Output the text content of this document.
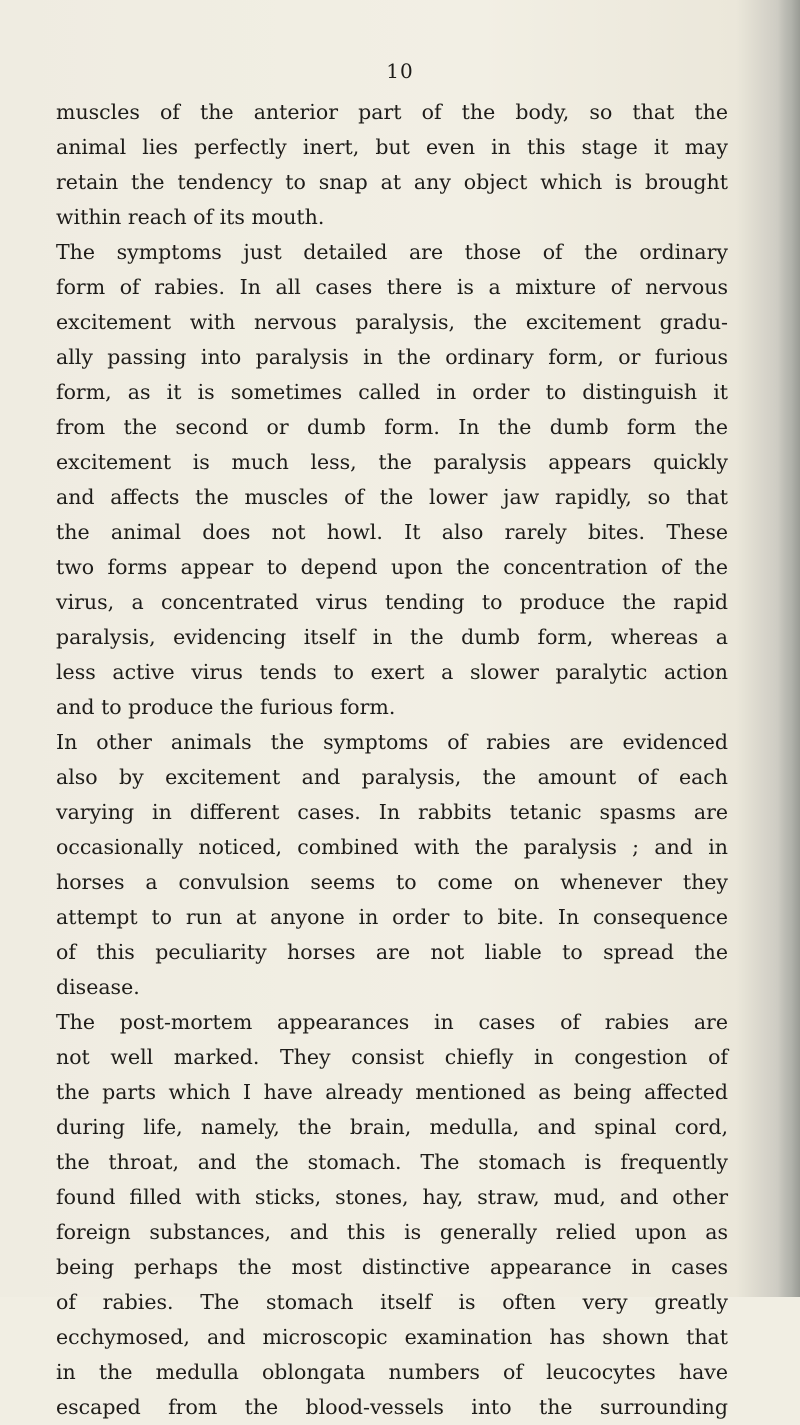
10
muscles of the anterior part of the body, so that the
animal lies perfectly inert, but even in this stage it may
retain the tendency to snap at any object which is brought
within reach of its mouth.
The symptoms just detailed are those of the ordinary
form of rabies. In all cases there is a mixture of nervous
excitement with nervous paralysis, the excitement gradu-
ally passing into paralysis in the ordinary form, or furious
form, as it is sometimes called in order to distinguish it
from the second or dumb form. In the dumb form the
excitement is much less, the paralysis appears quickly
and affects the muscles of the lower jaw rapidly, so that
the animal does not howl. It also rarely bites. These
two forms appear to depend upon the concentration of the
virus, a concentrated virus tending to produce the rapid
paralysis, evidencing itself in the dumb form, whereas a
less active virus tends to exert a slower paralytic action
and to produce the furious form.
In other animals the symptoms of rabies are evidenced
also by excitement and paralysis, the amount of each
varying in different cases. In rabbits tetanic spasms are
occasionally noticed, combined with the paralysis ; and in
horses a convulsion seems to come on whenever they
attempt to run at anyone in order to bite. In consequence
of this peculiarity horses are not liable to spread the
disease.
The post-mortem appearances in cases of rabies are
not well marked. They consist chiefly in congestion of
the parts which I have already mentioned as being affected
during life, namely, the brain, medulla, and spinal cord,
the throat, and the stomach. The stomach is frequently
found filled with sticks, stones, hay, straw, mud, and other
foreign substances, and this is generally relied upon as
being perhaps the most distinctive appearance in cases
of rabies. The stomach itself is often very greatly
ecchymosed, and microscopic examination has shown that
in the medulla oblongata numbers of leucocytes have
escaped from the blood-vessels into the surrounding
